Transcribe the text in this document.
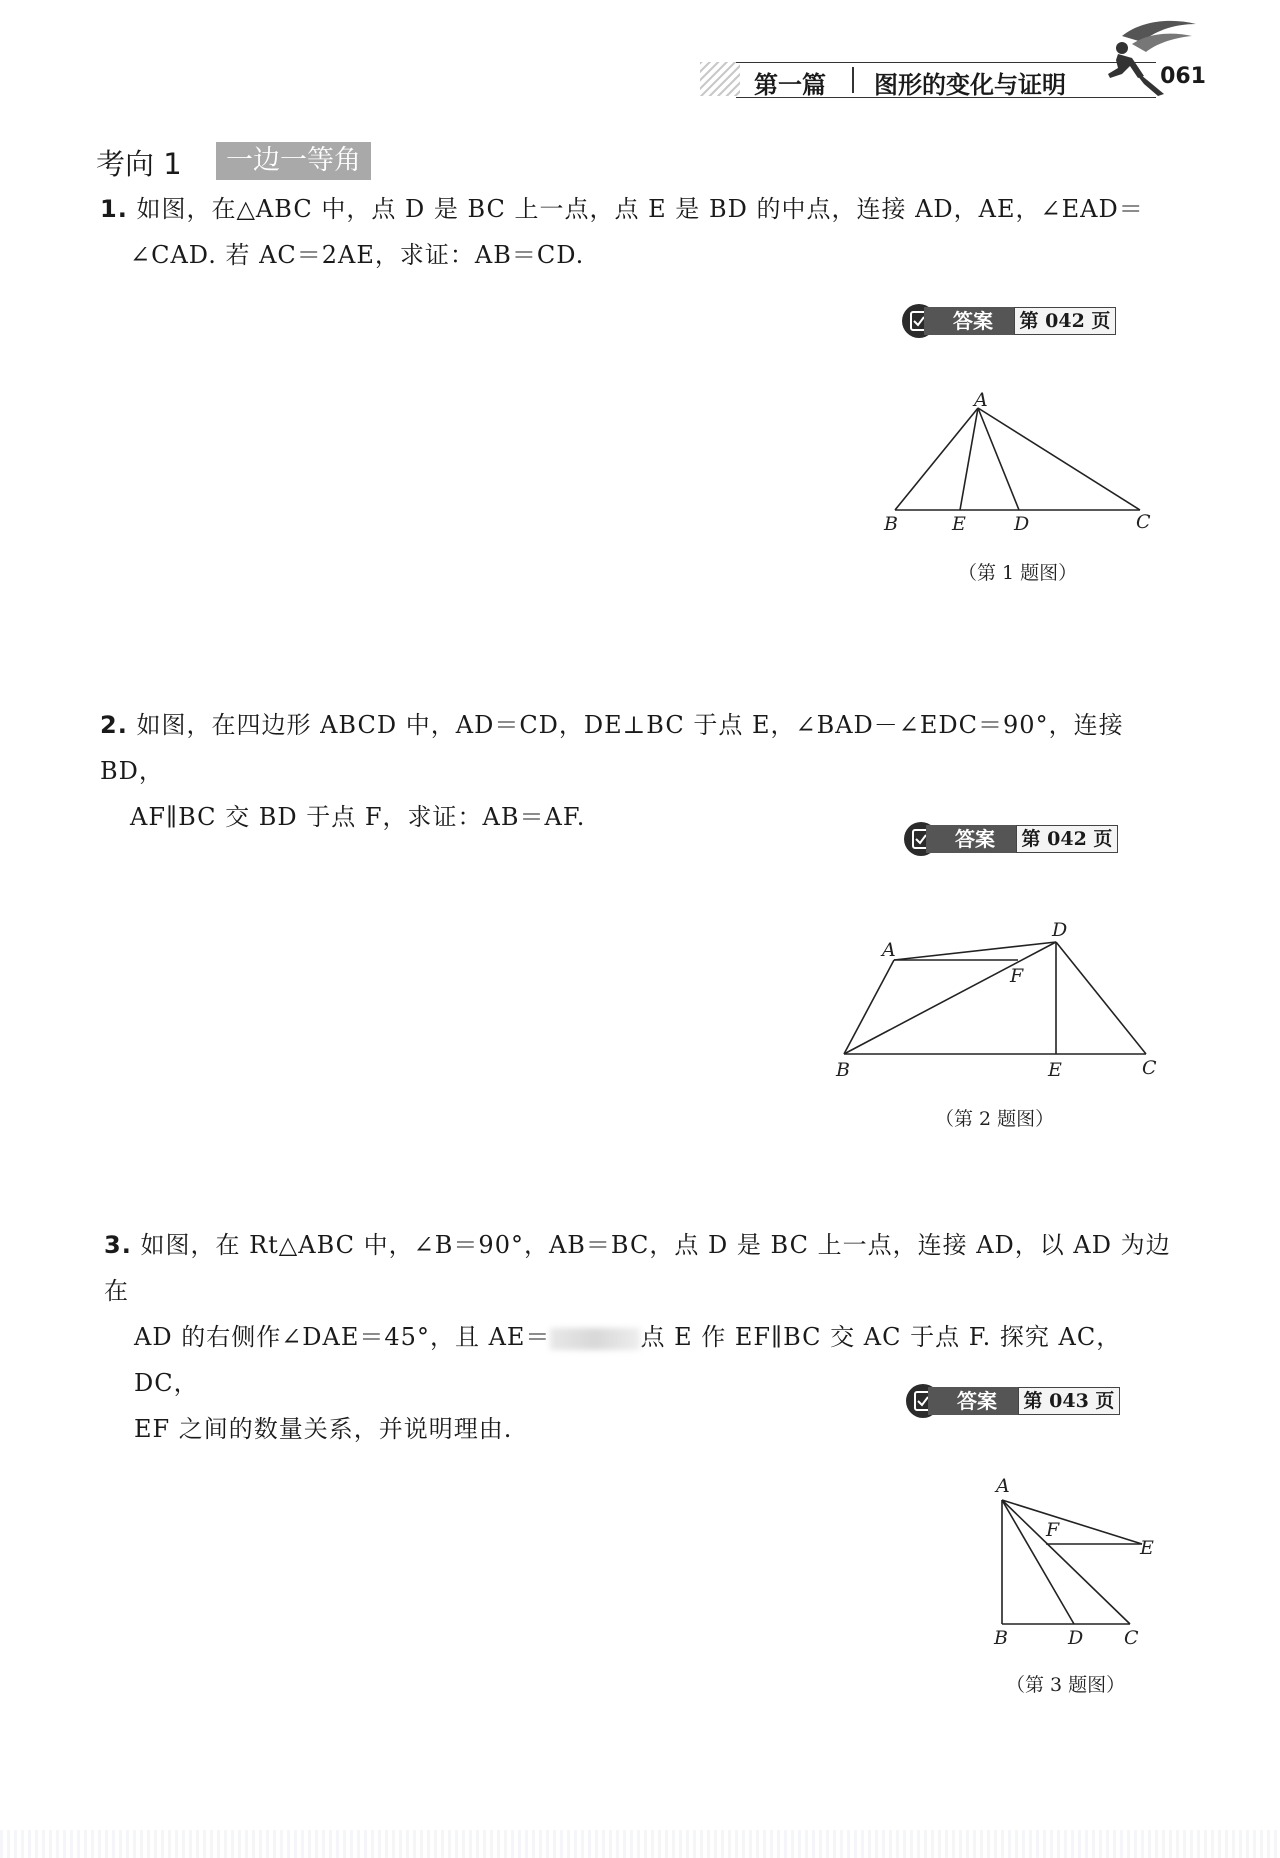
第一篇 图形的变化与证明	061
考向 1	一边一等角
1. 如图，在△ABC 中，点 D 是 BC 上一点，点 E 是 BD 的中点，连接 AD，AE，∠EAD＝
∠CAD. 若 AC＝2AE，求证：AB＝CD.
答案	第 042 页
A
B	E	D	C
（第 1 题图）
2. 如图，在四边形 ABCD 中，AD＝CD，DE⊥BC 于点 E，∠BAD－∠EDC＝90°，连接 BD，
AF∥BC 交 BD 于点 F，求证：AB＝AF.
答案	第 042 页
A
D
F
B	E	C
（第 2 题图）
3. 如图，在 Rt△ABC 中，∠B＝90°，AB＝BC，点 D 是 BC 上一点，连接 AD，以 AD 为边在
AD 的右侧作∠DAE＝45°，且 AE＝	点 E 作 EF∥BC 交 AC 于点 F. 探究 AC，DC，
EF 之间的数量关系，并说明理由.
答案	第 043 页
A
F
E
B	D C
（第 3 题图）
